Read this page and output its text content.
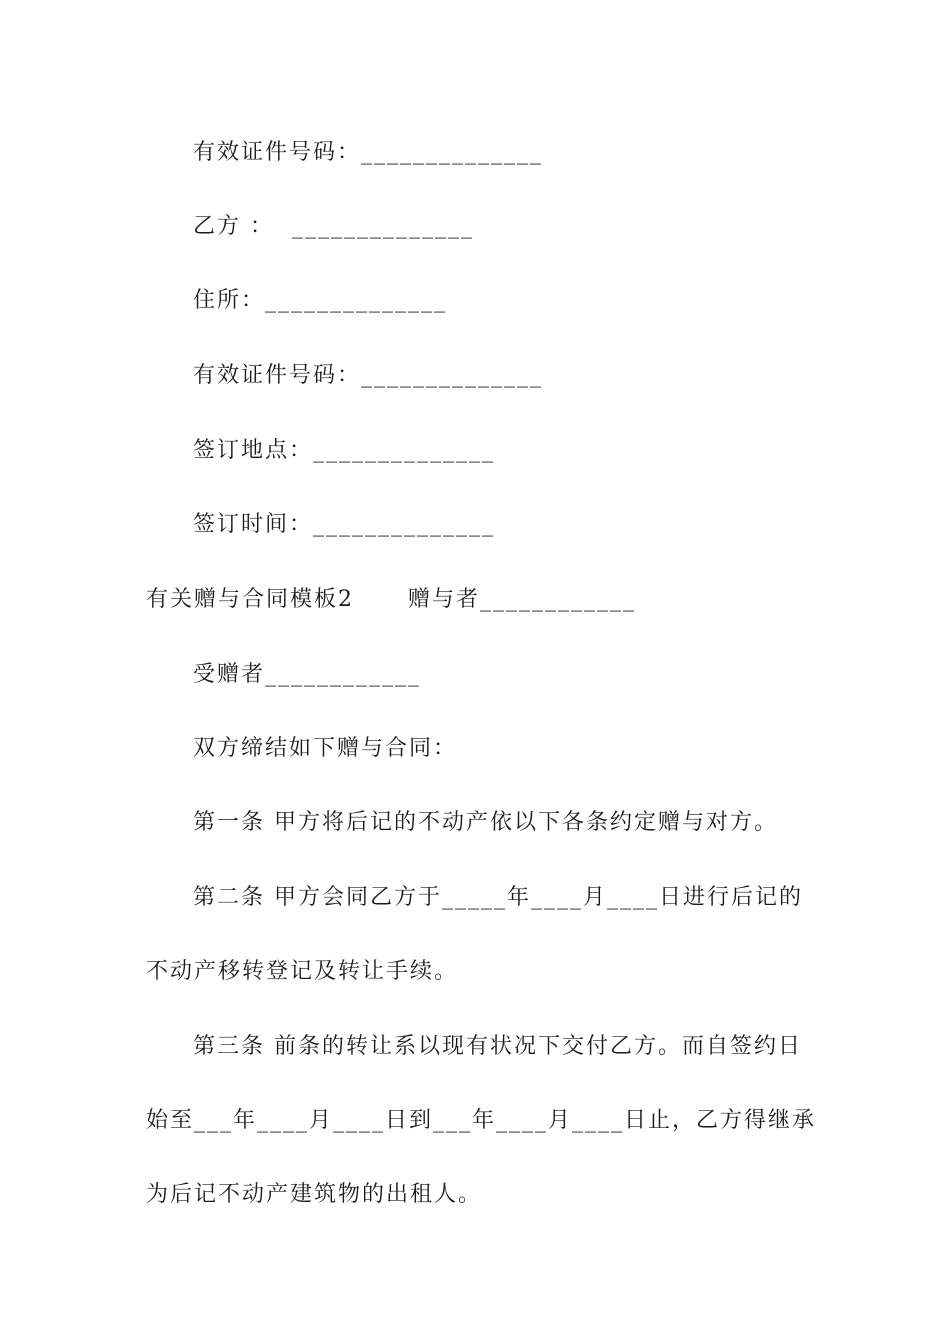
有效证件号码：______________
乙方 ：  ______________
住所：______________
有效证件号码：______________
签订地点：______________
签订时间：______________
有关赠与合同模板2      赠与者____________
受赠者____________
双方缔结如下赠与合同：
第一条 甲方将后记的不动产依以下各条约定赠与对方。
第二条 甲方会同乙方于_____年____月____日进行后记的
不动产移转登记及转让手续。
第三条 前条的转让系以现有状况下交付乙方。而自签约日
始至___年____月____日到___年____月____日止，乙方得继承
为后记不动产建筑物的出租人。
